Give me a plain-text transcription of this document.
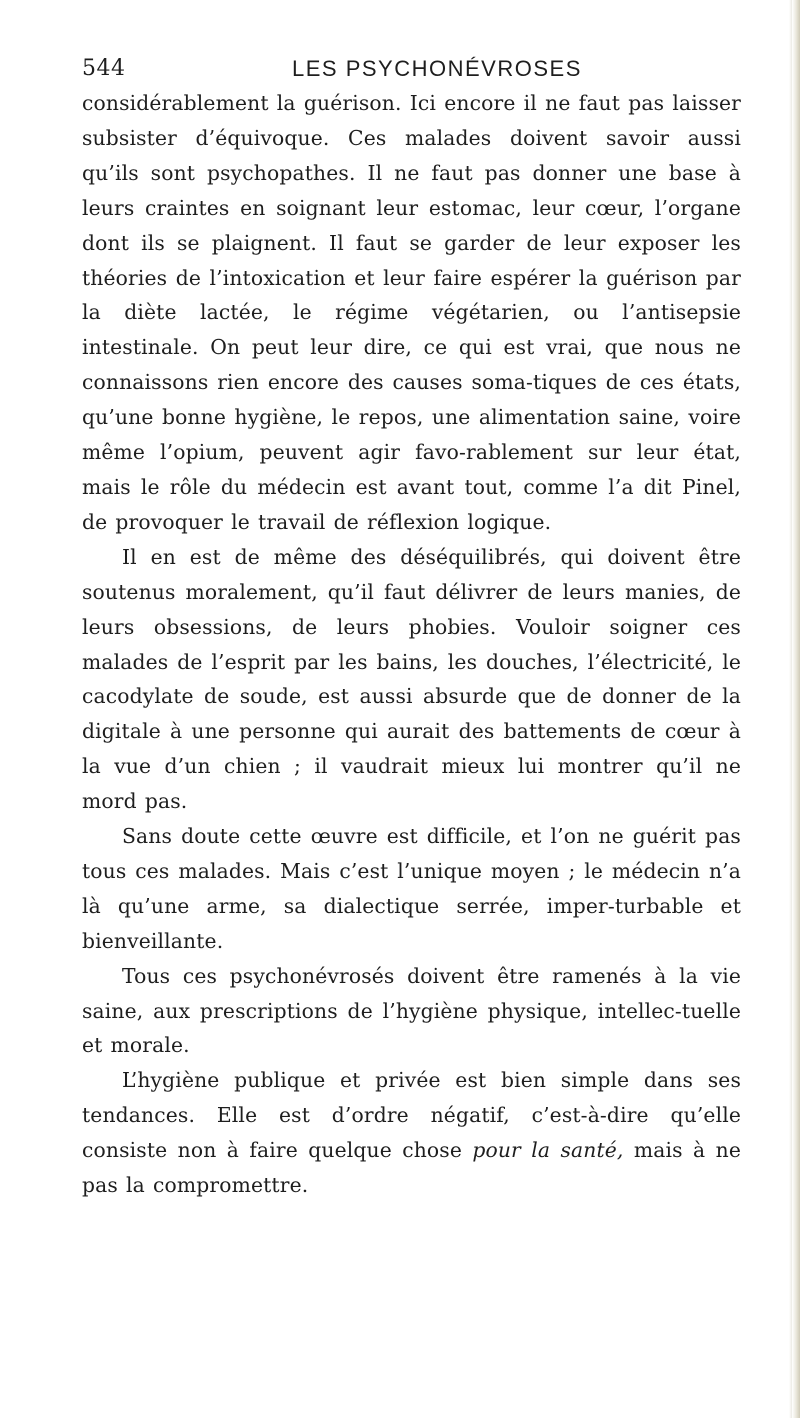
544	LES PSYCHONÉVROSES

considérablement la guérison. Ici encore il ne faut pas laisser subsister d’équivoque. Ces malades doivent savoir aussi qu’ils sont psychopathes. Il ne faut pas donner une base à leurs craintes en soignant leur estomac, leur cœur, l’organe dont ils se plaignent. Il faut se garder de leur exposer les théories de l’intoxication et leur faire espérer la guérison par la diète lactée, le régime végétarien, ou l’antisepsie intestinale. On peut leur dire, ce qui est vrai, que nous ne connaissons rien encore des causes soma-tiques de ces états, qu’une bonne hygiène, le repos, une alimentation saine, voire même l’opium, peuvent agir favo-rablement sur leur état, mais le rôle du médecin est avant tout, comme l’a dit Pinel, de provoquer le travail de réflexion logique.

Il en est de même des déséquilibrés, qui doivent être soutenus moralement, qu’il faut délivrer de leurs manies, de leurs obsessions, de leurs phobies. Vouloir soigner ces malades de l’esprit par les bains, les douches, l’électricité, le cacodylate de soude, est aussi absurde que de donner de la digitale à une personne qui aurait des battements de cœur à la vue d’un chien ; il vaudrait mieux lui montrer qu’il ne mord pas.

Sans doute cette œuvre est difficile, et l’on ne guérit pas tous ces malades. Mais c’est l’unique moyen ; le médecin n’a là qu’une arme, sa dialectique serrée, imper-turbable et bienveillante.

Tous ces psychonévrosés doivent être ramenés à la vie saine, aux prescriptions de l’hygiène physique, intellec-tuelle et morale.

L’hygiène publique et privée est bien simple dans ses tendances. Elle est d’ordre négatif, c’est-à-dire qu’elle consiste non à faire quelque chose pour la santé, mais à ne pas la compromettre.
